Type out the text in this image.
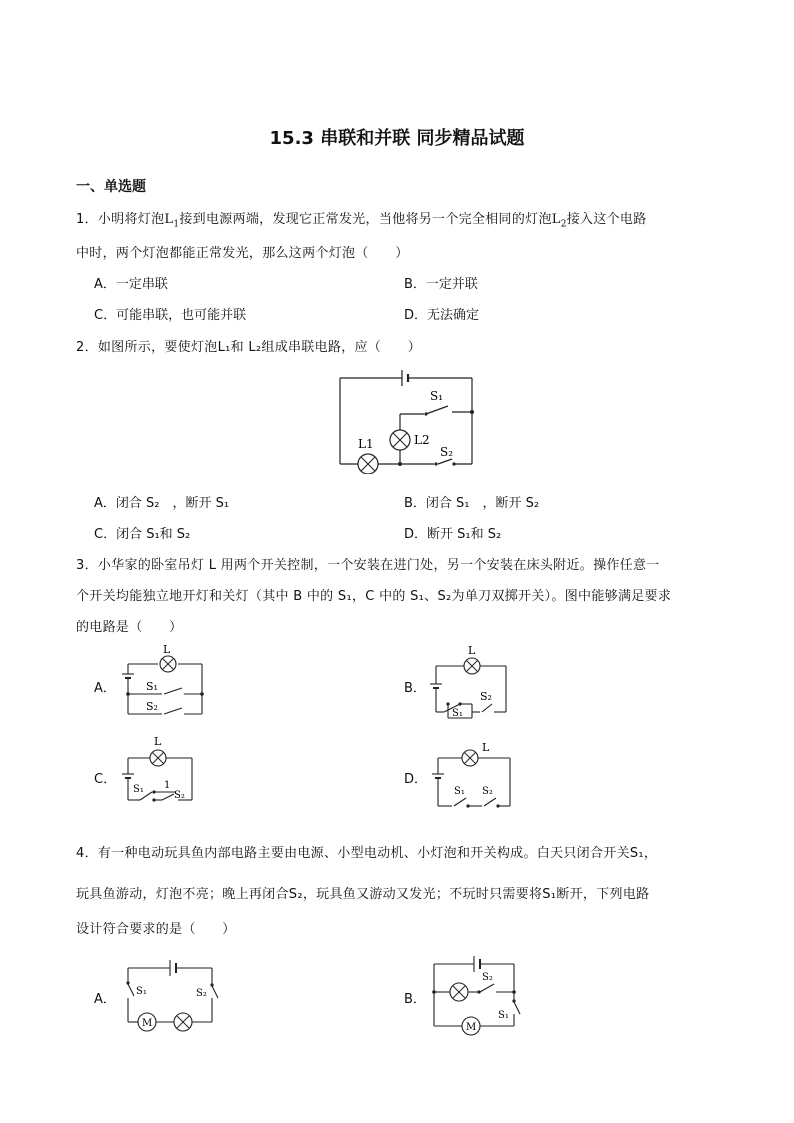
15.3 串联和并联 同步精品试题
一、单选题
1．小明将灯泡$L_1$接到电源两端，发现它正常发光，当他将另一个完全相同的灯泡$L_2$接入这个电路
中时，两个灯泡都能正常发光，那么这两个灯泡（　　）
A．一定串联	B．一定并联
C．可能串联，也可能并联	D．无法确定
2．如图所示，要使灯泡L₁和 L₂组成串联电路，应（　　）
S₁
S₂
L1	L2
A．闭合 S₂　，断开 S₁	B．闭合 S₁　，断开 S₂
C．闭合 S₁和 S₂	D．断开 S₁和 S₂
3．小华家的卧室吊灯 L 用两个开关控制，一个安装在进门处，另一个安装在床头附近。操作任意一
个开关均能独立地开灯和关灯（其中 B 中的 S₁，C 中的 S₁、S₂为单刀双掷开关）。图中能够满足要求
的电路是（　　）
A．
L
S₁
S₂
B．
L
S₁
S₂
C．
L
S₁ 1
S₂
D．
L
S₁ S₂
4．有一种电动玩具鱼内部电路主要由电源、小型电动机、小灯泡和开关构成。白天只闭合开关S₁，
玩具鱼游动，灯泡不亮；晚上再闭合S₂，玩具鱼又游动又发光；不玩时只需要将S₁断开，下列电路
设计符合要求的是（　　）
A．
M
S₁	S₂	B．
M
S₂
S₁
